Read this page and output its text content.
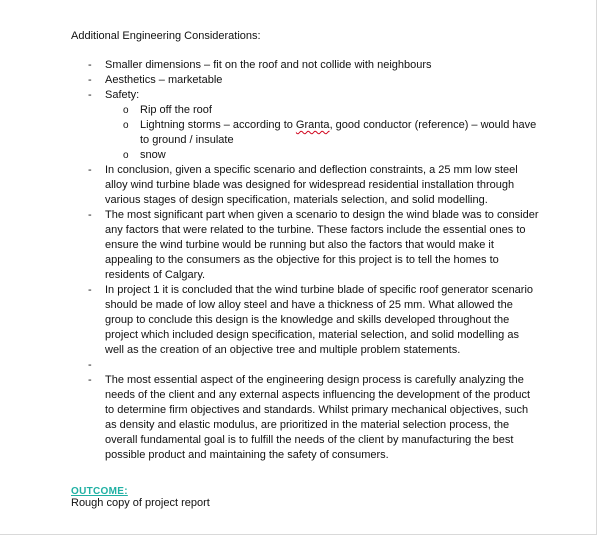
Additional Engineering Considerations:
- Smaller dimensions – fit on the roof and not collide with neighbours
- Aesthetics – marketable
- Safety:
o Rip off the roof
o Lightning storms – according to Granta, good conductor (reference) – would have to ground / insulate
o snow
- In conclusion, given a specific scenario and deflection constraints, a 25 mm low steel alloy wind turbine blade was designed for widespread residential installation through various stages of design specification, materials selection, and solid modelling.
- The most significant part when given a scenario to design the wind blade was to consider any factors that were related to the turbine. These factors include the essential ones to ensure the wind turbine would be running but also the factors that would make it appealing to the consumers as the objective for this project is to tell the homes to residents of Calgary.
- In project 1 it is concluded that the wind turbine blade of specific roof generator scenario should be made of low alloy steel and have a thickness of 25 mm. What allowed the group to conclude this design is the knowledge and skills developed throughout the project which included design specification, material selection, and solid modelling as well as the creation of an objective tree and multiple problem statements.
-

- The most essential aspect of the engineering design process is carefully analyzing the needs of the client and any external aspects influencing the development of the product to determine firm objectives and standards. Whilst primary mechanical objectives, such as density and elastic modulus, are prioritized in the material selection process, the overall fundamental goal is to fulfill the needs of the client by manufacturing the best possible product and maintaining the safety of consumers.
OUTCOME:
Rough copy of project report
